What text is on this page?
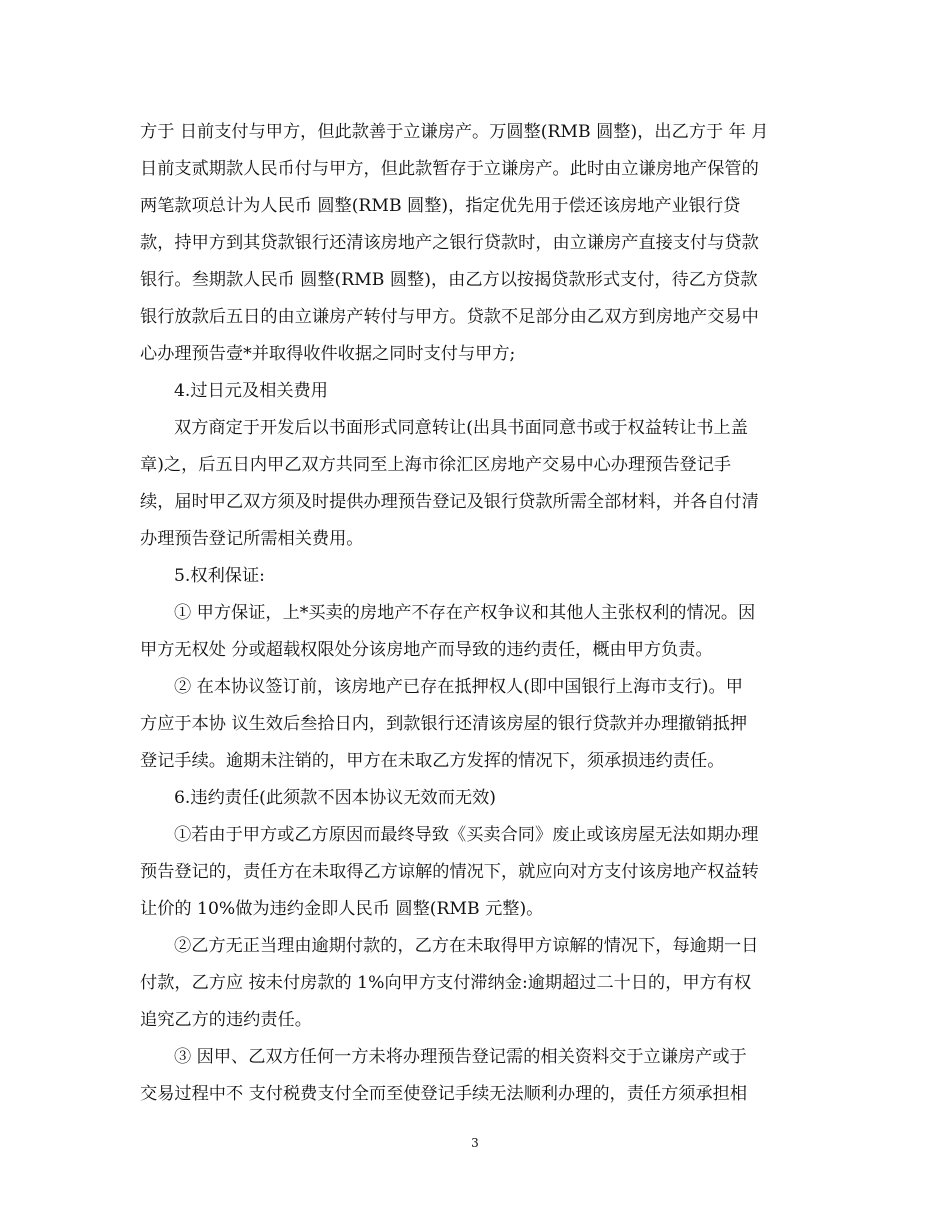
方于 日前支付与甲方，但此款善于立谦房产。万圆整(RMB 圆整)，出乙方于 年 月
日前支贰期款人民币付与甲方，但此款暂存于立谦房产。此时由立谦房地产保管的
两笔款项总计为人民币 圆整(RMB 圆整)，指定优先用于偿还该房地产业银行贷
款，持甲方到其贷款银行还清该房地产之银行贷款时，由立谦房产直接支付与贷款
银行。叁期款人民币 圆整(RMB 圆整)，由乙方以按揭贷款形式支付，待乙方贷款
银行放款后五日的由立谦房产转付与甲方。贷款不足部分由乙双方到房地产交易中
心办理预告壹*并取得收件收据之同时支付与甲方;
4.过日元及相关费用
双方商定于开发后以书面形式同意转让(出具书面同意书或于权益转让书上盖
章)之，后五日内甲乙双方共同至上海市徐汇区房地产交易中心办理预告登记手
续，届时甲乙双方须及时提供办理预告登记及银行贷款所需全部材料，并各自付清
办理预告登记所需相关费用。
5.权利保证:
① 甲方保证，上*买卖的房地产不存在产权争议和其他人主张权利的情况。因
甲方无权处 分或超载权限处分该房地产而导致的违约责任，概由甲方负责。
② 在本协议签订前，该房地产已存在抵押权人(即中国银行上海市支行)。甲
方应于本协 议生效后叁拾日内，到款银行还清该房屋的银行贷款并办理撤销抵押
登记手续。逾期未注销的，甲方在未取乙方发挥的情况下，须承损违约责任。
6.违约责任(此须款不因本协议无效而无效)
①若由于甲方或乙方原因而最终导致《买卖合同》废止或该房屋无法如期办理
预告登记的，责任方在未取得乙方谅解的情况下，就应向对方支付该房地产权益转
让价的 10%做为违约金即人民币 圆整(RMB 元整)。
②乙方无正当理由逾期付款的，乙方在未取得甲方谅解的情况下，每逾期一日
付款，乙方应 按未付房款的 1%向甲方支付滞纳金:逾期超过二十日的，甲方有权
追究乙方的违约责任。
③ 因甲、乙双方任何一方未将办理预告登记需的相关资料交于立谦房产或于
交易过程中不 支付税费支付全而至使登记手续无法顺利办理的，责任方须承担相
3
